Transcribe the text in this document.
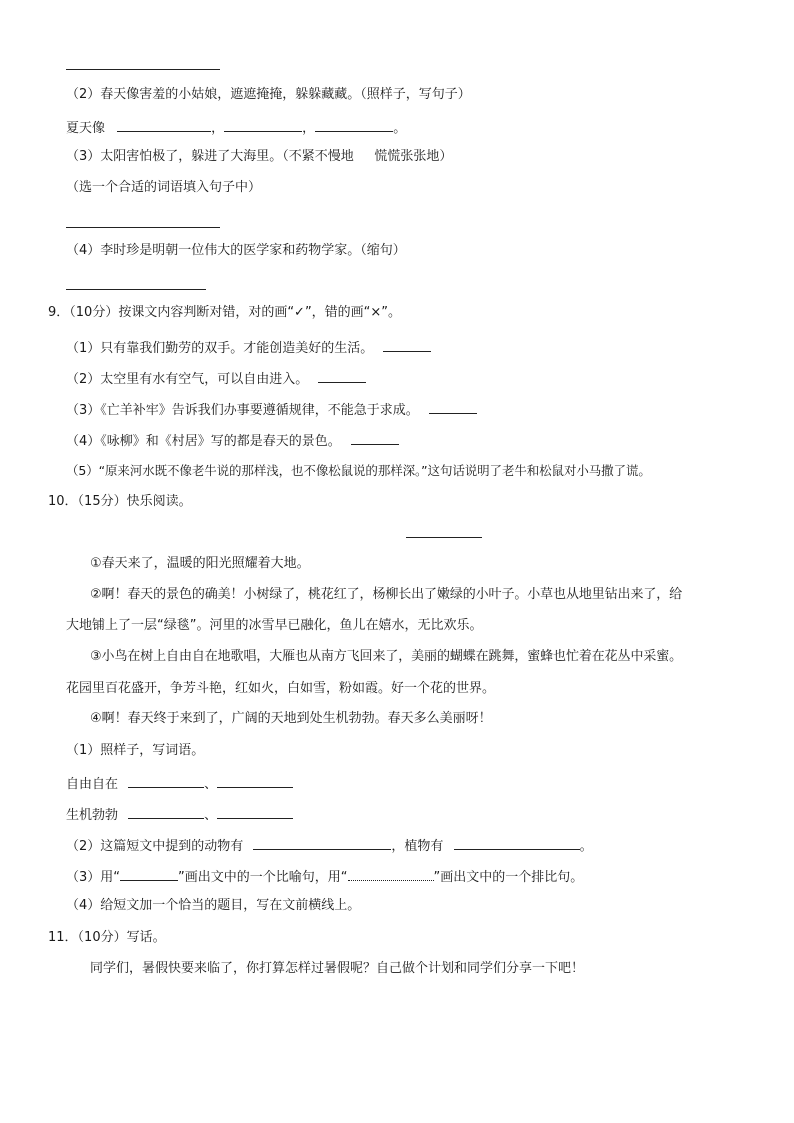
（2）春天像害羞的小姑娘，遮遮掩掩，躲躲藏藏。（照样子，写句子）
夏天像	，	，	。
（3）太阳害怕极了，躲进了大海里。（不紧不慢地     慌慌张张地）
（选一个合适的词语填入句子中）
（4）李时珍是明朝一位伟大的医学家和药物学家。（缩句）
9．（10分）按课文内容判断对错，对的画“✓”，错的画“×”。
（1）只有靠我们勤劳的双手。才能创造美好的生活。
（2）太空里有水有空气，可以自由进入。
（3）《亡羊补牢》告诉我们办事要遵循规律，不能急于求成。
（4）《咏柳》和《村居》写的都是春天的景色。
（5）“原来河水既不像老牛说的那样浅，也不像松鼠说的那样深。”这句话说明了老牛和松鼠对小马撒了谎。
10．（15分）快乐阅读。
①春天来了，温暖的阳光照耀着大地。
②啊！春天的景色的确美！小树绿了，桃花红了，杨柳长出了嫩绿的小叶子。小草也从地里钻出来了，给
大地铺上了一层“绿毯”。河里的冰雪早已融化，鱼儿在嬉水，无比欢乐。
③小鸟在树上自由自在地歌唱，大雁也从南方飞回来了，美丽的蝴蝶在跳舞，蜜蜂也忙着在花丛中采蜜。
花园里百花盛开，争芳斗艳，红如火，白如雪，粉如霞。好一个花的世界。
④啊！春天终于来到了，广阔的天地到处生机勃勃。春天多么美丽呀！
（1）照样子，写词语。
自由自在	、
生机勃勃	、
（2）这篇短文中提到的动物有	，植物有	。
（3）用“	”画出文中的一个比喻句，用“	”画出文中的一个排比句。
（4）给短文加一个恰当的题目，写在文前横线上。
11．（10分）写话。
同学们，暑假快要来临了，你打算怎样过暑假呢？自己做个计划和同学们分享一下吧！
